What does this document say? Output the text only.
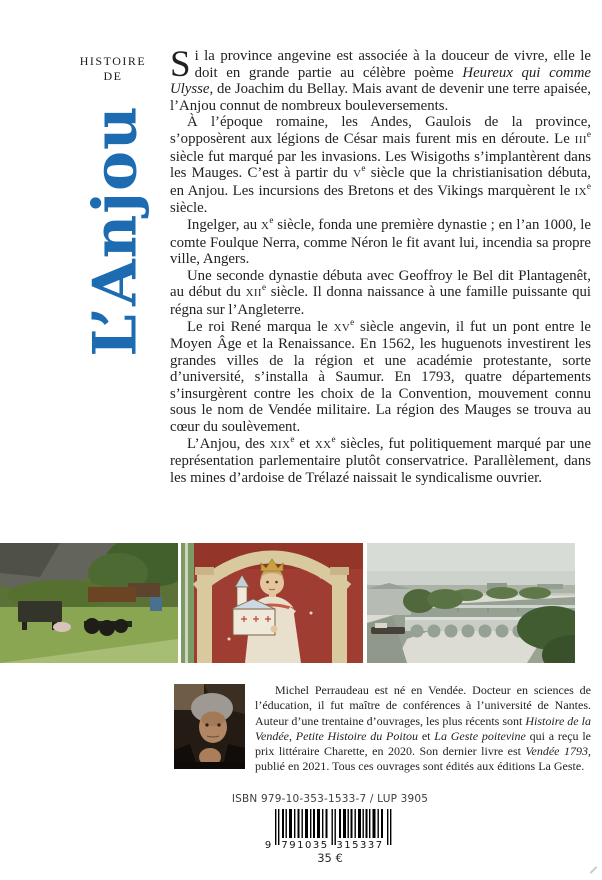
HISTOIRE
DE
L’Anjou

Si la province angevine est associée à la douceur de vivre, elle le doit en grande partie au célèbre poème Heureux qui comme Ulysse, de Joachim du Bellay. Mais avant de devenir une terre apaisée, l’Anjou connut de nombreux bouleversements.

À l’époque romaine, les Andes, Gaulois de la province, s’opposèrent aux légions de César mais furent mis en déroute. Le IIIe siècle fut marqué par les invasions. Les Wisigoths s’implantèrent dans les Mauges. C’est à partir du Ve siècle que la christianisation débuta, en Anjou. Les incursions des Bretons et des Vikings marquèrent le IXe siècle.

Ingelger, au Xe siècle, fonda une première dynastie ; en l’an 1000, le comte Foulque Nerra, comme Néron le fit avant lui, incendia sa propre ville, Angers.

Une seconde dynastie débuta avec Geoffroy le Bel dit Plantagenêt, au début du XIIe siècle. Il donna naissance à une famille puissante qui régna sur l’Angleterre.

Le roi René marqua le XVe siècle angevin, il fut un pont entre le Moyen Âge et la Renaissance. En 1562, les huguenots investirent les grandes villes de la région et une académie protestante, sorte d’université, s’installa à Saumur. En 1793, quatre départements s’insurgèrent contre les choix de la Convention, mouvement connu sous le nom de Vendée militaire. La région des Mauges se trouva au cœur du soulèvement.

L’Anjou, des XIXe et XXe siècles, fut politiquement marqué par une représentation parlementaire plutôt conservatrice. Parallèlement, dans les mines d’ardoise de Trélazé naissait le syndicalisme ouvrier.

Michel Perraudeau est né en Vendée. Docteur en sciences de l’éducation, il fut maître de conférences à l’université de Nantes. Auteur d’une trentaine d’ouvrages, les plus récents sont Histoire de la Vendée, Petite Histoire du Poitou et La Geste poitevine qui a reçu le prix littéraire Charette, en 2020. Son dernier livre est Vendée 1793, publié en 2021. Tous ces ouvrages sont édités aux éditions La Geste.

ISBN 979-10-353-1533-7 / LUP 3905
9 791035 315337
35 €
